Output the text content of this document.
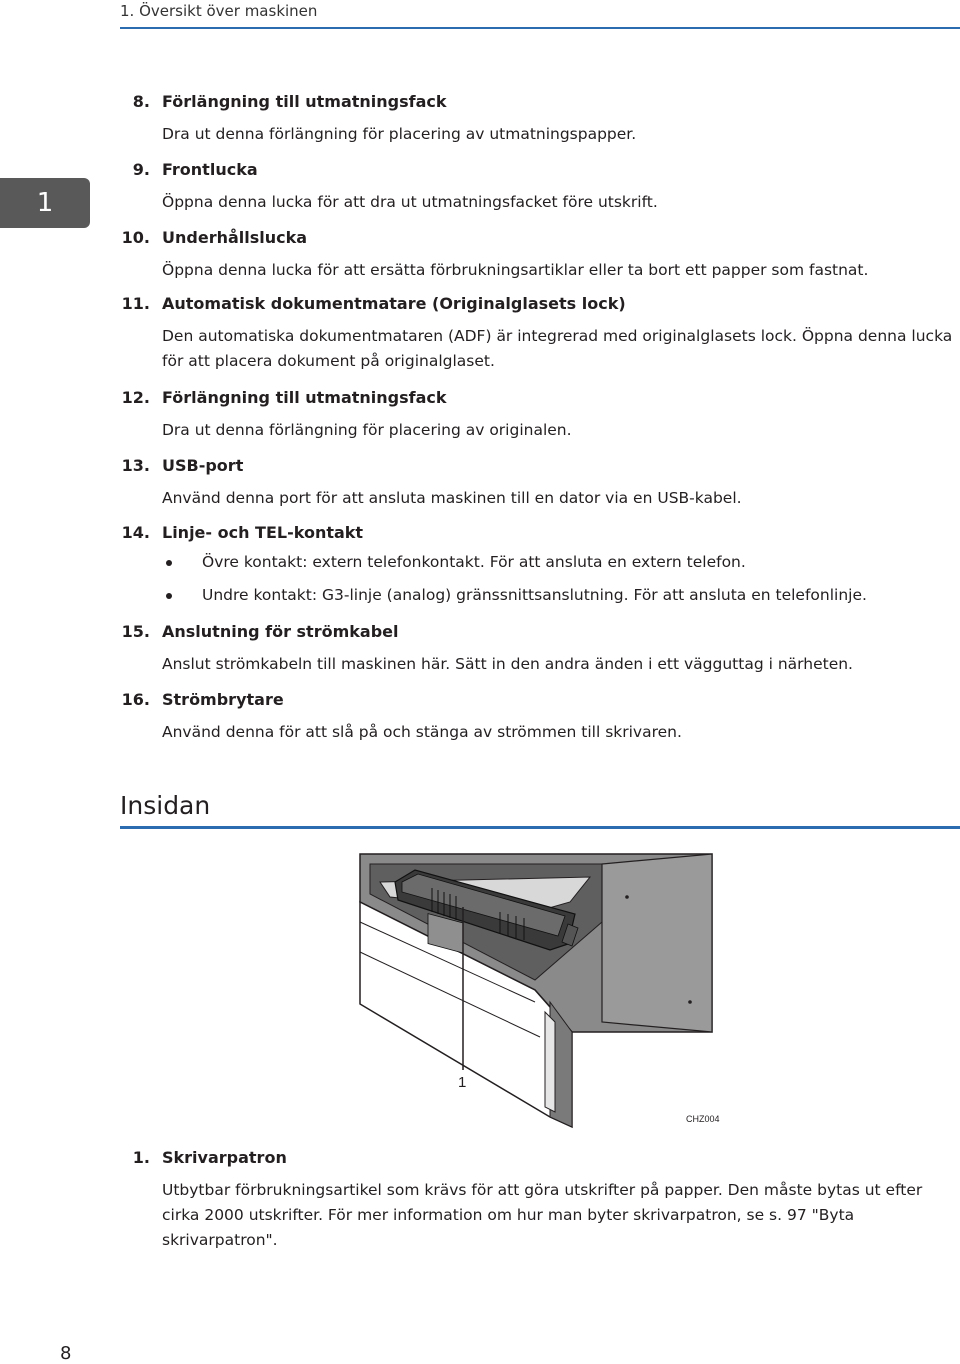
1. Översikt över maskinen
1
8. Förlängning till utmatningsfack
Dra ut denna förlängning för placering av utmatningspapper.
9. Frontlucka
Öppna denna lucka för att dra ut utmatningsfacket före utskrift.
10. Underhållslucka
Öppna denna lucka för att ersätta förbrukningsartiklar eller ta bort ett papper som fastnat.
11. Automatisk dokumentmatare (Originalglasets lock)
Den automatiska dokumentmataren (ADF) är integrerad med originalglasets lock. Öppna denna lucka för att placera dokument på originalglaset.
12. Förlängning till utmatningsfack
Dra ut denna förlängning för placering av originalen.
13. USB-port
Använd denna port för att ansluta maskinen till en dator via en USB-kabel.
14. Linje- och TEL-kontakt
Övre kontakt: extern telefonkontakt. För att ansluta en extern telefon.
Undre kontakt: G3-linje (analog) gränssnittsanslutning. För att ansluta en telefonlinje.
15. Anslutning för strömkabel
Anslut strömkabeln till maskinen här. Sätt in den andra änden i ett vägguttag i närheten.
16. Strömbrytare
Använd denna för att slå på och stänga av strömmen till skrivaren.
Insidan
1
CHZ004
1. Skrivarpatron
Utbytbar förbrukningsartikel som krävs för att göra utskrifter på papper. Den måste bytas ut efter cirka 2000 utskrifter. För mer information om hur man byter skrivarpatron, se s. 97 "Byta skrivarpatron".
8
